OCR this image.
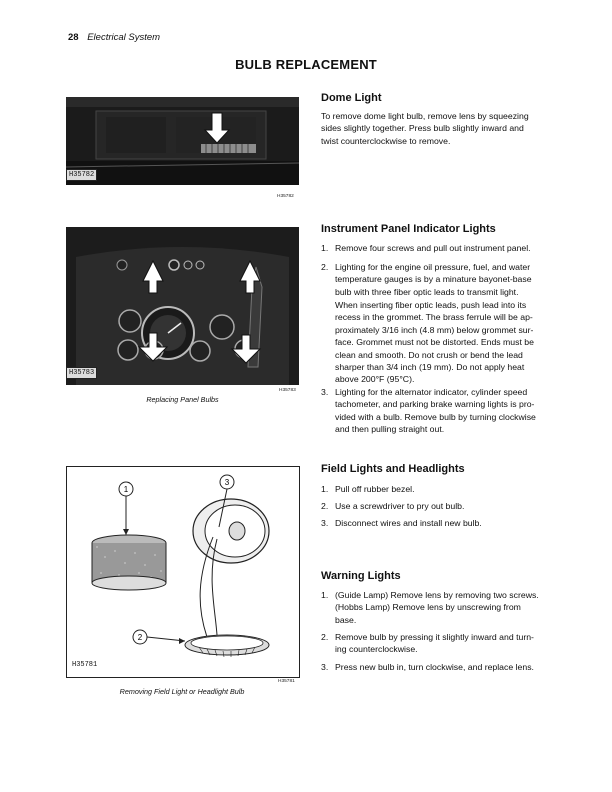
28 Electrical System
BULB REPLACEMENT
H35782
H35782
Dome Light
To remove dome light bulb, remove lens by squeezing
sides slightly together. Press bulb slightly inward and
twist counterclockwise to remove.
H35783
H35783
Replacing Panel Bulbs
Instrument Panel Indicator Lights
1. Remove four screws and pull out instrument panel.
2. Lighting for the engine oil pressure, fuel, and water
temperature gauges is by a minature bayonet-base
bulb with three fiber optic leads to transmit light.
When inserting fiber optic leads, push lead into its
recess in the grommet. The brass ferrule will be ap-
proximately 3/16 inch (4.8 mm) below grommet sur-
face. Grommet must not be distorted. Ends must be
clean and smooth. Do not crush or bend the lead
sharper than 3/4 inch (19 mm). Do not apply heat
above 200°F (95°C).
3. Lighting for the alternator indicator, cylinder speed
tachometer, and parking brake warning lights is pro-
vided with a bulb. Remove bulb by turning clockwise
and then pulling straight out.
1
3
2
H35781
H35781
Removing Field Light or Headlight Bulb
Field Lights and Headlights
1. Pull off rubber bezel.
2. Use a screwdriver to pry out bulb.
3. Disconnect wires and install new bulb.
Warning Lights
1. (Guide Lamp) Remove lens by removing two screws.
(Hobbs Lamp) Remove lens by unscrewing from
base.
2. Remove bulb by pressing it slightly inward and turn-
ing counterclockwise.
3. Press new bulb in, turn clockwise, and replace lens.
